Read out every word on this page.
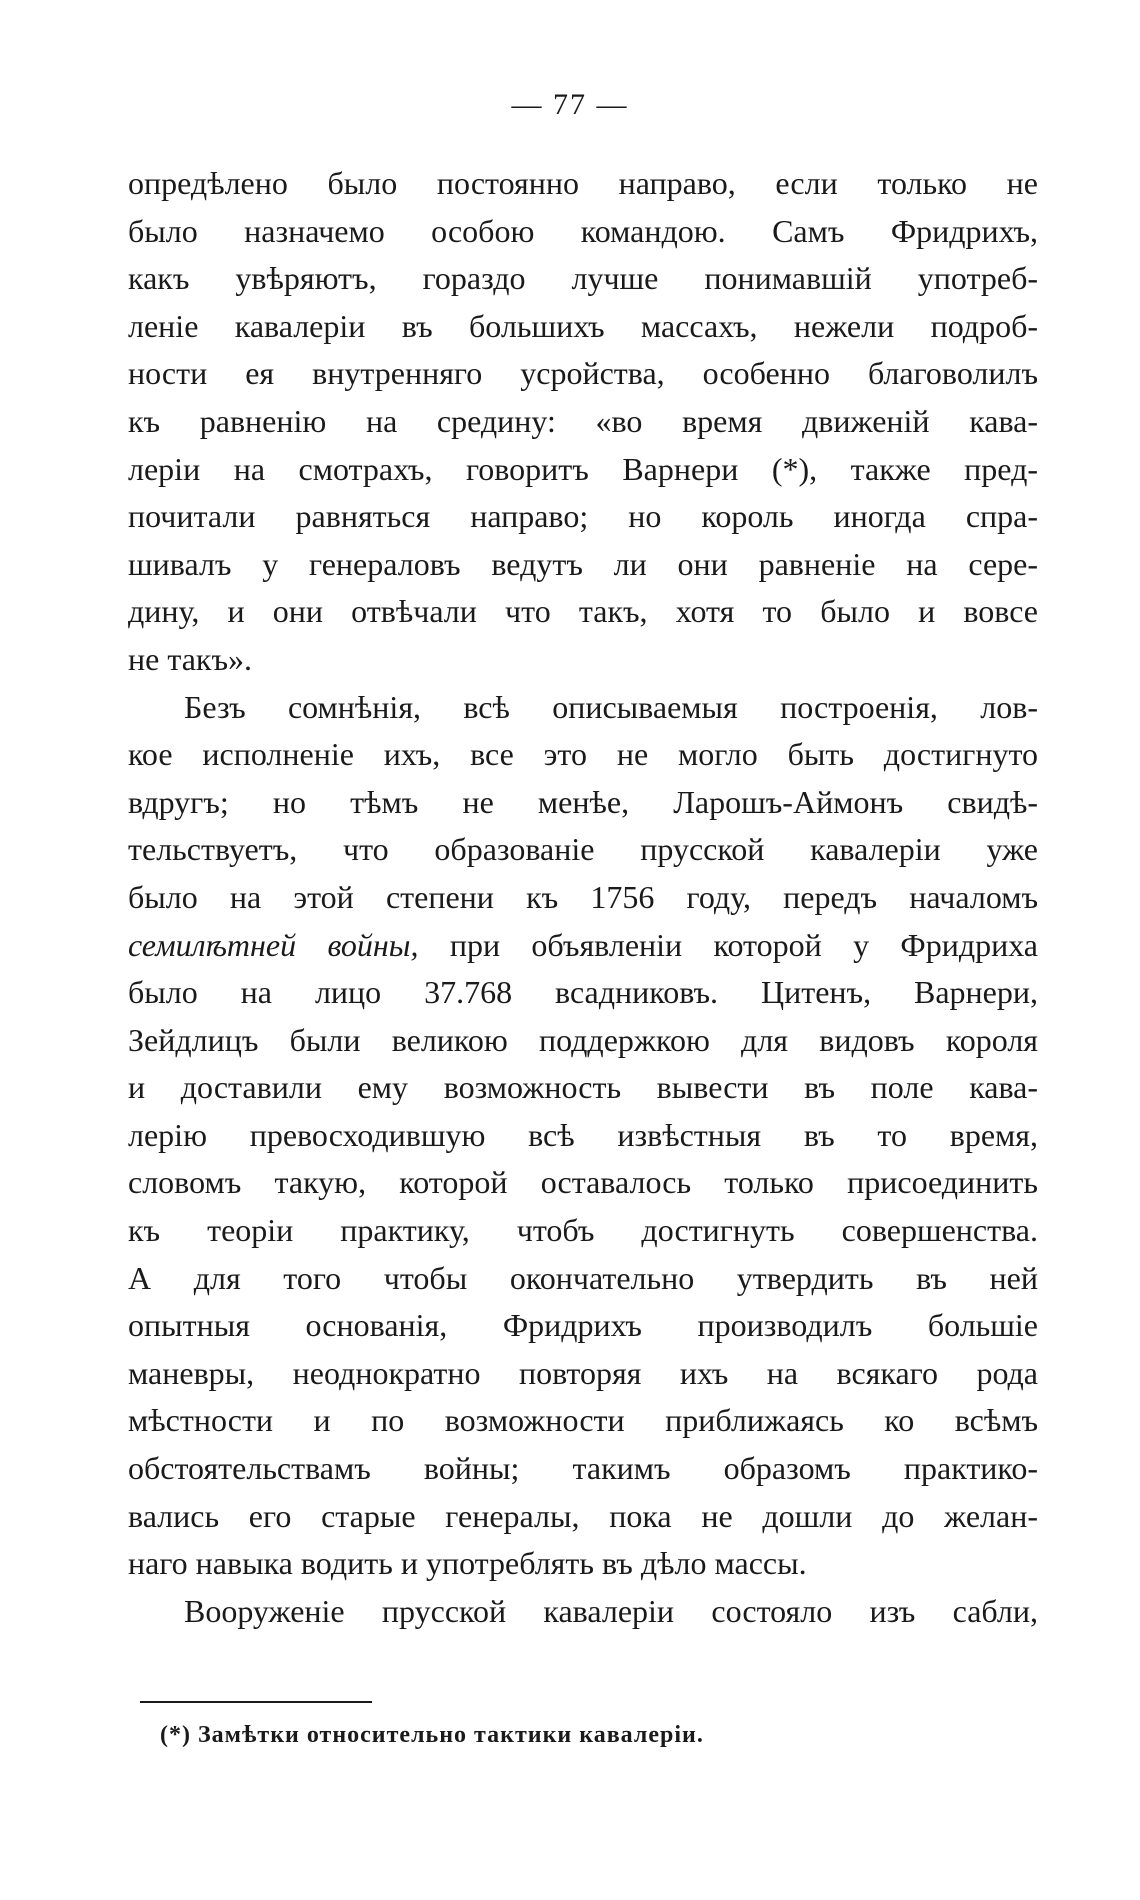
— 77 —
опредѣлено было постоянно направо, если только не
было назначемо особою командою. Самъ Фридрихъ,
какъ увѣряютъ, гораздо лучше понимавшій употреб-
леніе кавалеріи въ большихъ массахъ, нежели подроб-
ности ея внутренняго усройства, особенно благоволилъ
къ равненію на средину: «во время движеній кава-
леріи на смотрахъ, говоритъ Варнери (*), также пред-
почитали равняться направо; но король иногда спра-
шивалъ у генераловъ ведутъ ли они равненіе на сере-
дину, и они отвѣчали что такъ, хотя то было и вовсе
не такъ».
Безъ сомнѣнія, всѣ описываемыя построенія, лов-
кое исполненіе ихъ, все это не могло быть достигнуто
вдругъ; но тѣмъ не менѣе, Ларошъ-Аймонъ свидѣ-
тельствуетъ, что образованіе прусской кавалеріи уже
было на этой степени къ 1756 году, передъ началомъ
семилѣтней войны, при объявленіи которой у Фридриха
было на лицо 37.768 всадниковъ. Цитенъ, Варнери,
Зейдлицъ были великою поддержкою для видовъ короля
и доставили ему возможность вывести въ поле кава-
лерію превосходившую всѣ извѣстныя въ то время,
словомъ такую, которой оставалось только присоединить
къ теоріи практику, чтобъ достигнуть совершенства.
А для того чтобы окончательно утвердить въ ней
опытныя основанія, Фридрихъ производилъ большіе
маневры, неоднократно повторяя ихъ на всякаго рода
мѣстности и по возможности приближаясь ко всѣмъ
обстоятельствамъ войны; такимъ образомъ практико-
вались его старые генералы, пока не дошли до желан-
наго навыка водить и употреблять въ дѣло массы.
Вооруженіе прусской кавалеріи состояло изъ сабли,
(*) Замѣтки относительно тактики кавалеріи.
